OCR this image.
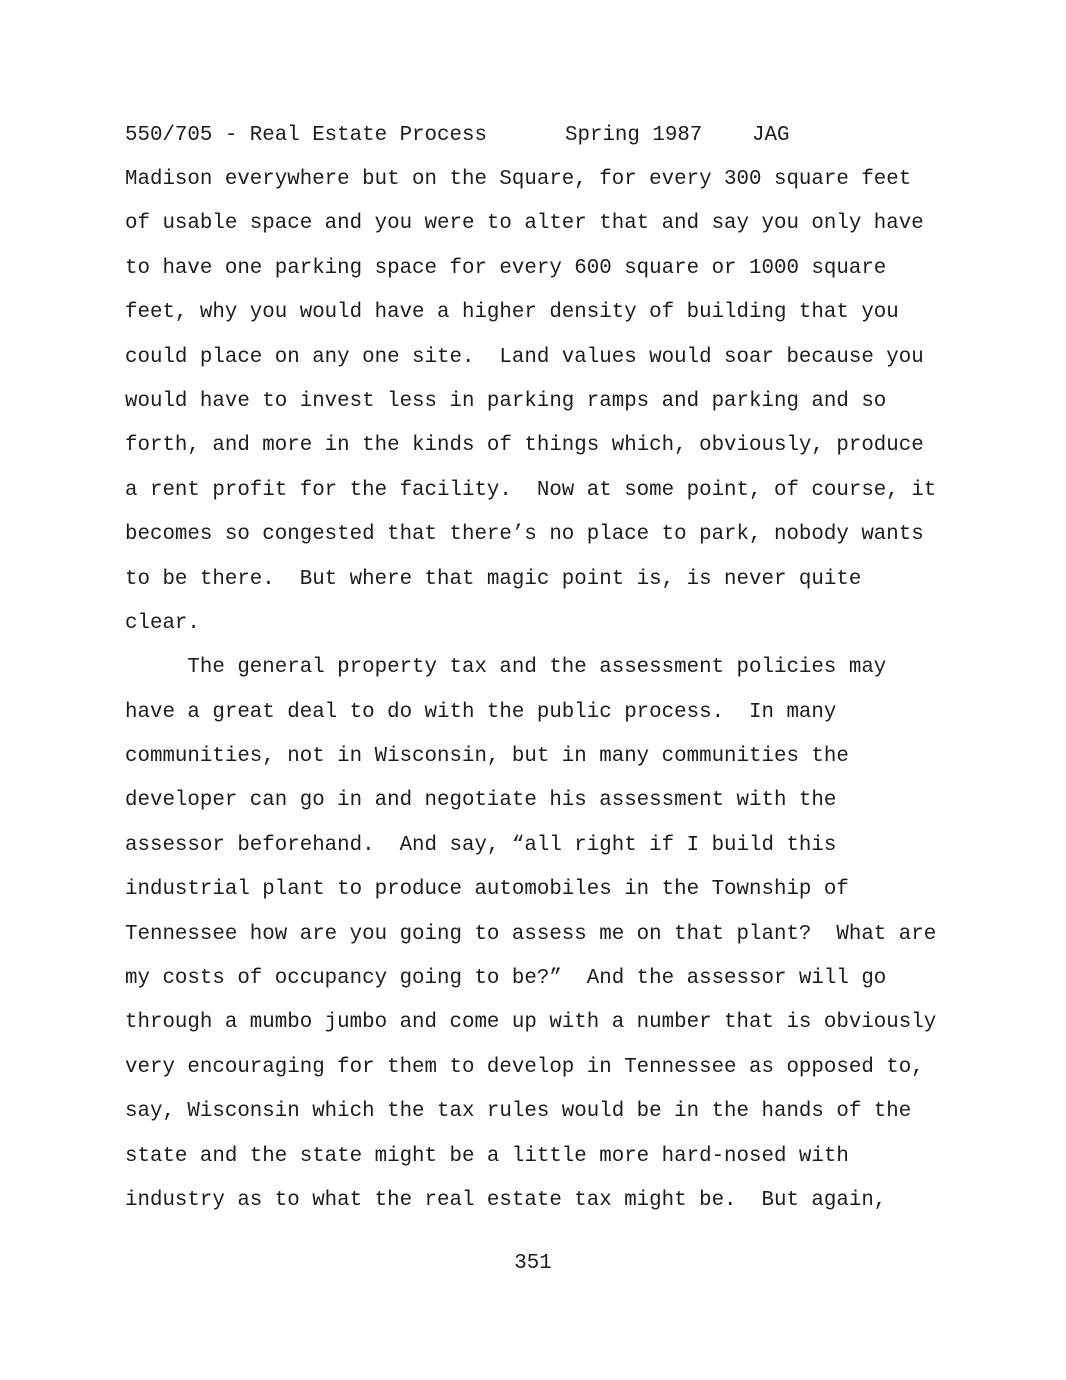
550/705 - Real Estate Process

	Spring 1987

JAG

Madison everywhere but on the Square, for every 300 square feet
of usable space and you were to alter that and say you only have
to have one parking space for every 600 square or 1000 square
feet, why you would have a higher density of building that you
could place on any one site.  Land values would soar because you
would have to invest less in parking ramps and parking and so
forth, and more in the kinds of things which, obviously, produce
a rent profit for the facility.  Now at some point, of course, it
becomes so congested that there’s no place to park, nobody wants
to be there.  But where that magic point is, is never quite
clear.
The general property tax and the assessment policies may
have a great deal to do with the public process.  In many
communities, not in Wisconsin, but in many communities the
developer can go in and negotiate his assessment with the
assessor beforehand.  And say, “all right if I build this
industrial plant to produce automobiles in the Township of
Tennessee how are you going to assess me on that plant?  What are
my costs of occupancy going to be?”  And the assessor will go
through a mumbo jumbo and come up with a number that is obviously
very encouraging for them to develop in Tennessee as opposed to,
say, Wisconsin which the tax rules would be in the hands of the
state and the state might be a little more hard-nosed with
industry as to what the real estate tax might be.  But again,
351
